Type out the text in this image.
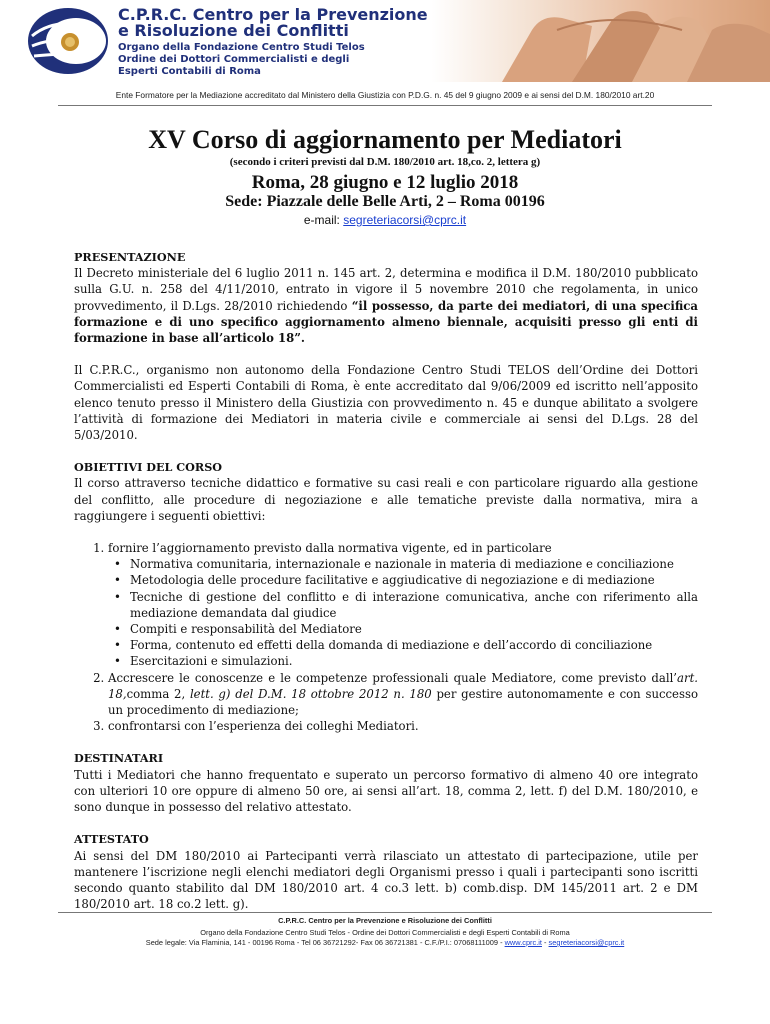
C.P.R.C. Centro per la Prevenzione
e Risoluzione dei Conflitti
Organo della Fondazione Centro Studi Telos
Ordine dei Dottori Commercialisti e degli
Esperti Contabili di Roma
Ente Formatore per la Mediazione accreditato dal Ministero della Giustizia con P.D.G. n. 45 del 9 giugno 2009 e ai sensi del D.M. 180/2010 art.20
XV Corso di aggiornamento per Mediatori
(secondo i criteri previsti dal D.M. 180/2010 art. 18,co. 2, lettera g)
Roma, 28 giugno e 12 luglio 2018
Sede: Piazzale delle Belle Arti, 2 – Roma 00196
e-mail: segreteriacorsi@cprc.it
PRESENTAZIONE

Il Decreto ministeriale del 6 luglio 2011 n. 145 art. 2, determina e modifica il D.M. 180/2010 pubblicato sulla G.U. n. 258 del 4/11/2010, entrato in vigore il 5 novembre 2010 che regolamenta, in unico provvedimento, il D.Lgs. 28/2010 richiedendo “il possesso, da parte dei mediatori, di una specifica formazione e di uno specifico aggiornamento almeno biennale, acquisiti presso gli enti di formazione in base all’articolo 18”.

Il C.P.R.C., organismo non autonomo della Fondazione Centro Studi TELOS dell’Ordine dei Dottori Commercialisti ed Esperti Contabili di Roma, è ente accreditato dal 9/06/2009 ed iscritto nell’apposito elenco tenuto presso il Ministero della Giustizia con provvedimento n. 45 e dunque abilitato a svolgere l’attività di formazione dei Mediatori in materia civile e commerciale ai sensi del D.Lgs. 28 del 5/03/2010.

OBIETTIVI DEL CORSO

Il corso attraverso tecniche didattico e formative su casi reali e con particolare riguardo alla gestione del conflitto, alle procedure di negoziazione e alle tematiche previste dalla normativa, mira a raggiungere i seguenti obiettivi:

1. fornire l’aggiornamento previsto dalla normativa vigente, ed in particolare
• Normativa comunitaria, internazionale e nazionale in materia di mediazione e conciliazione
• Metodologia delle procedure facilitative e aggiudicative di negoziazione e di mediazione
• Tecniche di gestione del conflitto e di interazione comunicativa, anche con riferimento alla mediazione demandata dal giudice
• Compiti e responsabilità del Mediatore
• Forma, contenuto ed effetti della domanda di mediazione e dell’accordo di conciliazione
• Esercitazioni e simulazioni.
2. Accrescere le conoscenze e le competenze professionali quale Mediatore, come previsto dall’art. 18,comma 2, lett. g) del D.M. 18 ottobre 2012 n. 180 per gestire autonomamente e con successo un procedimento di mediazione;
3. confrontarsi con l’esperienza dei colleghi Mediatori.
DESTINATARI

Tutti i Mediatori che hanno frequentato e superato un percorso formativo di almeno 40 ore integrato con ulteriori 10 ore oppure di almeno 50 ore, ai sensi all’art. 18, comma 2, lett. f) del D.M. 180/2010, e sono dunque in possesso del relativo attestato.

ATTESTATO

Ai sensi del DM 180/2010 ai Partecipanti verrà rilasciato un attestato di partecipazione, utile per mantenere l’iscrizione negli elenchi mediatori degli Organismi presso i quali i partecipanti sono iscritti secondo quanto stabilito dal DM 180/2010 art. 4 co.3 lett. b) comb.disp. DM 145/2011 art. 2 e DM 180/2010 art. 18 co.2 lett. g).

C.P.R.C. Centro per la Prevenzione e Risoluzione dei Conflitti
Organo della Fondazione Centro Studi Telos - Ordine dei Dottori Commercialisti e degli Esperti Contabili di Roma
Sede legale: Via Flaminia, 141 - 00196 Roma - Tel 06 36721292- Fax 06 36721381 - C.F./P.I.: 07068111009 - www.cprc.it - segreteriacorsi@cprc.it
